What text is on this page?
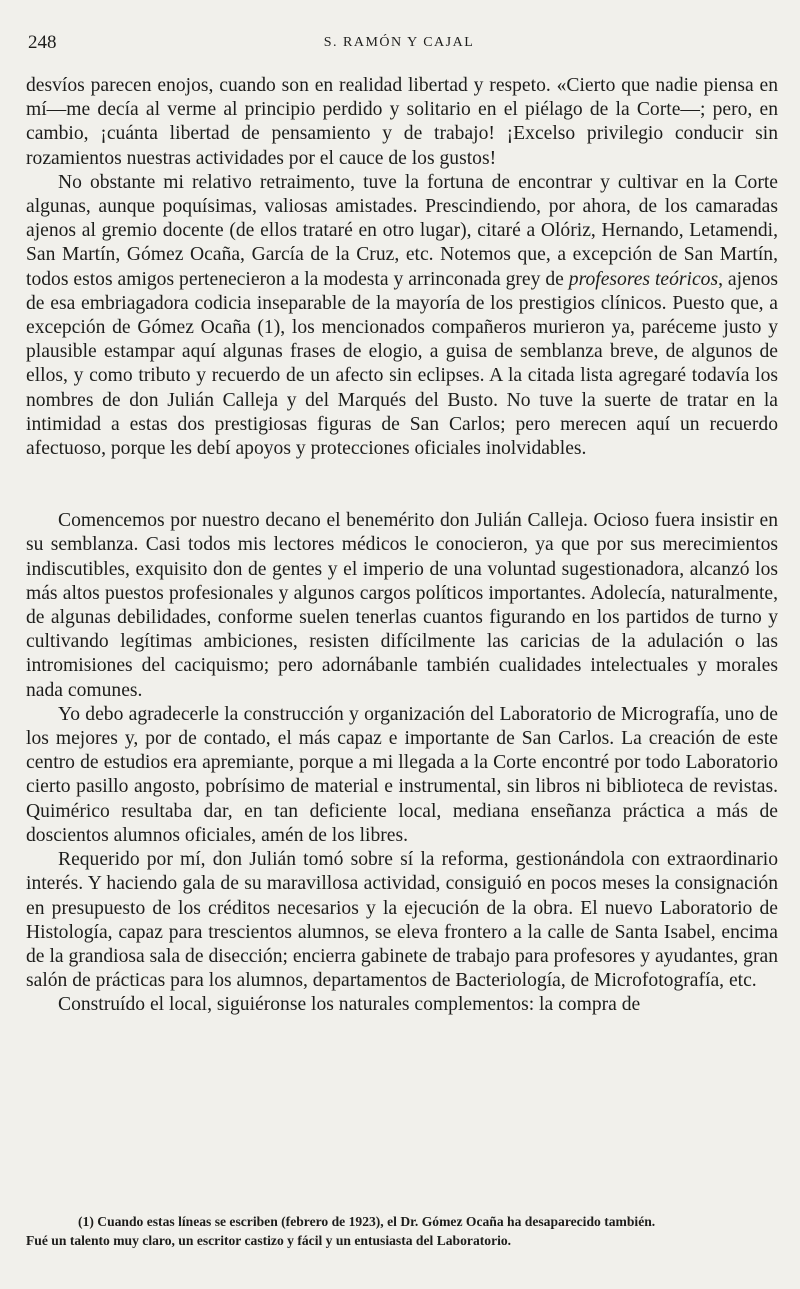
248	S. RAMÓN Y CAJAL

desvíos parecen enojos, cuando son en realidad libertad y respeto. «Cierto que nadie piensa en mí—me decía al verme al principio perdido y solitario en el piélago de la Corte—; pero, en cambio, ¡cuánta libertad de pensamiento y de trabajo! ¡Excelso privilegio conducir sin rozamientos nuestras actividades por el cauce de los gustos!

No obstante mi relativo retraimento, tuve la fortuna de encontrar y cultivar en la Corte algunas, aunque poquísimas, valiosas amistades. Prescindiendo, por ahora, de los camaradas ajenos al gremio docente (de ellos trataré en otro lugar), citaré a Olóriz, Hernando, Letamendi, San Martín, Gómez Ocaña, García de la Cruz, etc. Notemos que, a excepción de San Martín, todos estos amigos pertenecieron a la modesta y arrinconada grey de profesores teóricos, ajenos de esa embriagadora codicia inseparable de la mayoría de los prestigios clínicos. Puesto que, a excepción de Gómez Ocaña (1), los mencionados compañeros murieron ya, paréceme justo y plausible estampar aquí algunas frases de elogio, a guisa de semblanza breve, de algunos de ellos, y como tributo y recuerdo de un afecto sin eclipses. A la citada lista agregaré todavía los nombres de don Julián Calleja y del Marqués del Busto. No tuve la suerte de tratar en la intimidad a estas dos prestigiosas figuras de San Carlos; pero merecen aquí un recuerdo afectuoso, porque les debí apoyos y protecciones oficiales inolvidables.

Comencemos por nuestro decano el benemérito don Julián Calleja. Ocioso fuera insistir en su semblanza. Casi todos mis lectores médicos le conocieron, ya que por sus merecimientos indiscutibles, exquisito don de gentes y el imperio de una voluntad sugestionadora, alcanzó los más altos puestos profesionales y algunos cargos políticos importantes. Adolecía, naturalmente, de algunas debilidades, conforme suelen tenerlas cuantos figurando en los partidos de turno y cultivando legítimas ambiciones, resisten difícilmente las caricias de la adulación o las intromisiones del caciquismo; pero adornábanle también cualidades intelectuales y morales nada comunes.

Yo debo agradecerle la construcción y organización del Laboratorio de Micrografía, uno de los mejores y, por de contado, el más capaz e importante de San Carlos. La creación de este centro de estudios era apremiante, porque a mi llegada a la Corte encontré por todo Laboratorio cierto pasillo angosto, pobrísimo de material e instrumental, sin libros ni biblioteca de revistas. Quimérico resultaba dar, en tan deficiente local, mediana enseñanza práctica a más de doscientos alumnos oficiales, amén de los libres.

Requerido por mí, don Julián tomó sobre sí la reforma, gestionándola con extraordinario interés. Y haciendo gala de su maravillosa actividad, consiguió en pocos meses la consignación en presupuesto de los créditos necesarios y la ejecución de la obra. El nuevo Laboratorio de Histología, capaz para trescientos alumnos, se eleva frontero a la calle de Santa Isabel, encima de la grandiosa sala de disección; encierra gabinete de trabajo para profesores y ayudantes, gran salón de prácticas para los alumnos, departamentos de Bacteriología, de Microfotografía, etc.

Construído el local, siguiéronse los naturales complementos: la compra de

(1) Cuando estas líneas se escriben (febrero de 1923), el Dr. Gómez Ocaña ha desaparecido también.

Fué un talento muy claro, un escritor castizo y fácil y un entusiasta del Laboratorio.
